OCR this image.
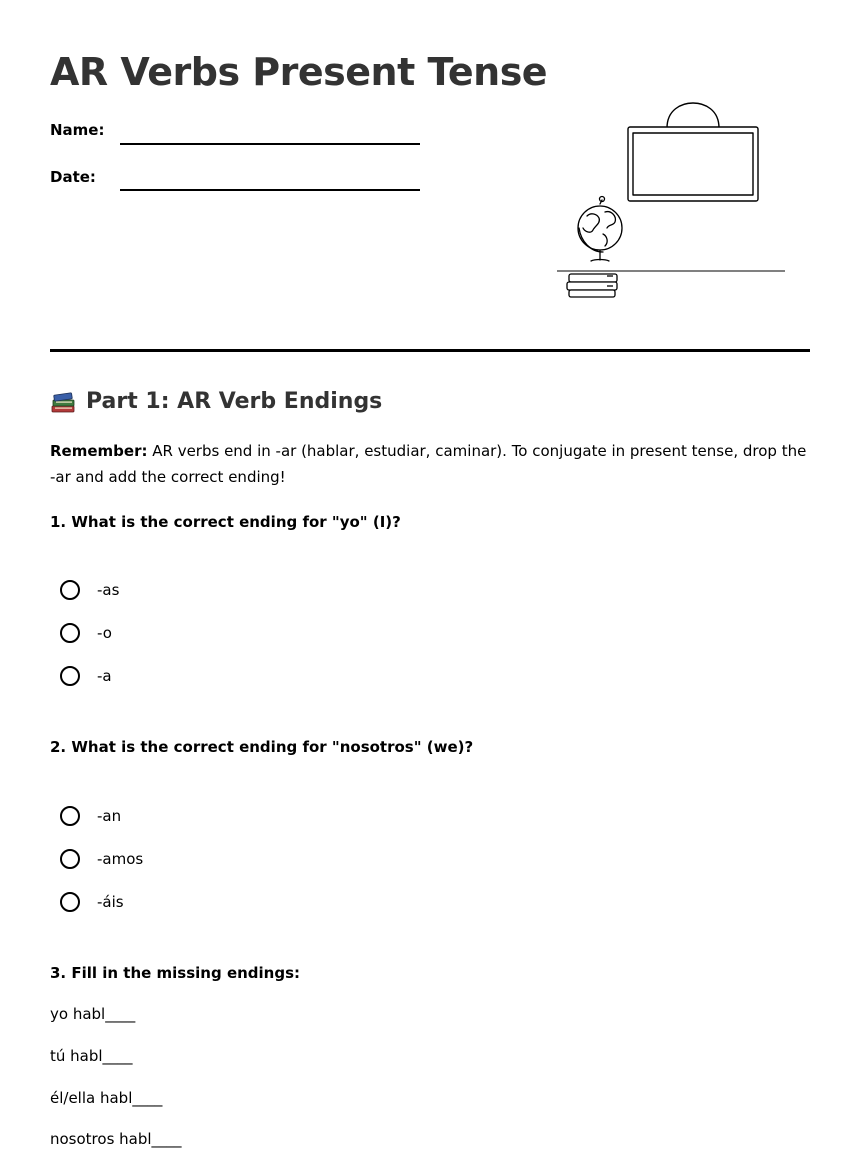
AR Verbs Present Tense
Name:
Date:
Part 1: AR Verb Endings

Remember: AR verbs end in -ar (hablar, estudiar, caminar). To conjugate in present tense, drop the -ar and add the correct ending!

1. What is the correct ending for "yo" (I)?

-as
-o
-a

2. What is the correct ending for "nosotros" (we)?

-an
-amos
-áis

3. Fill in the missing endings:

yo habl____
tú habl____
él/ella habl____
nosotros habl____
